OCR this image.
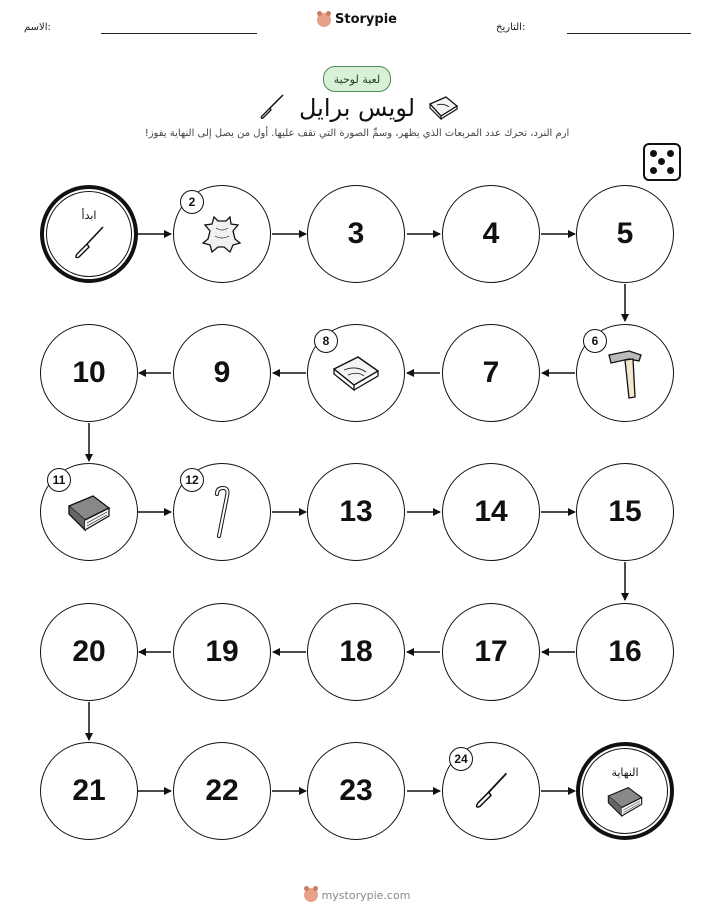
الاسم:
Storypie
التاريخ:
لعبة لوحية
لويس برايل
ارم النرد، تحرك عدد المربعات الذي يظهر، وسمِّ الصورة التي تقف عليها. أول من يصل إلى النهاية يفوز!
ابدأ
2
3	4	5
10	9
8
7
6
11	12
13	14	15
20	19	18	17	16
21	22	23
24
النهاية
mystorypie.com
